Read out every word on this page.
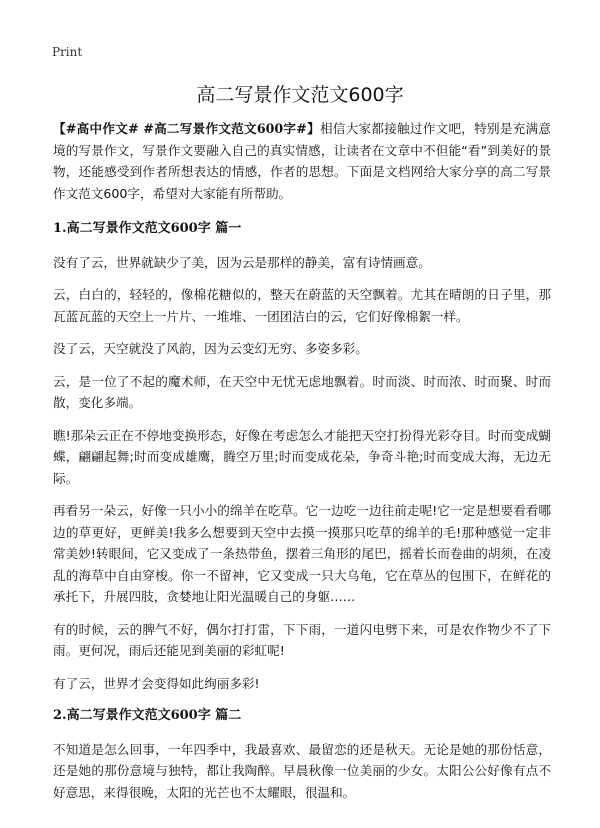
Print
高二写景作文范文600字

【#高中作文# #高二写景作文范文600字#】相信大家都接触过作文吧，特别是充满意境的写景作文，写景作文要融入自己的真实情感，让读者在文章中不但能“看”到美好的景物，还能感受到作者所想表达的情感，作者的思想。下面是文档网给大家分享的高二写景作文范文600字，希望对大家能有所帮助。

1.高二写景作文范文600字 篇一

没有了云，世界就缺少了美，因为云是那样的静美，富有诗情画意。

云，白白的，轻轻的，像棉花糖似的，整天在蔚蓝的天空飘着。尤其在晴朗的日子里，那瓦蓝瓦蓝的天空上一片片、一堆堆、一团团洁白的云，它们好像棉絮一样。

没了云，天空就没了风韵，因为云变幻无穷、多姿多彩。

云，是一位了不起的魔术师，在天空中无忧无虑地飘着。时而淡、时而浓、时而聚、时而散，变化多端。

瞧!那朵云正在不停地变换形态，好像在考虑怎么才能把天空打扮得光彩夺目。时而变成蝴蝶，翩翩起舞;时而变成雄鹰，腾空万里;时而变成花朵，争奇斗艳;时而变成大海，无边无际。

再看另一朵云，好像一只小小的绵羊在吃草。它一边吃一边往前走呢!它一定是想要看看哪边的草更好，更鲜美!我多么想要到天空中去摸一摸那只吃草的绵羊的毛!那种感觉一定非常美妙!转眼间，它又变成了一条热带鱼，摆着三角形的尾巴，摇着长而卷曲的胡须，在凌乱的海草中自由穿梭。你一不留神，它又变成一只大乌龟，它在草丛的包围下，在鲜花的承托下，升展四肢，贪婪地让阳光温暖自己的身躯……

有的时候，云的脾气不好，偶尔打打雷，下下雨，一道闪电劈下来，可是农作物少不了下雨。更何况，雨后还能见到美丽的彩虹呢!

有了云，世界才会变得如此绚丽多彩!

2.高二写景作文范文600字 篇二

不知道是怎么回事，一年四季中，我最喜欢、最留恋的还是秋天。无论是她的那份恬意，还是她的那份意境与独特，都让我陶醉。早晨秋像一位美丽的少女。太阳公公好像有点不好意思，来得很晚，太阳的光芒也不太耀眼，很温和。
